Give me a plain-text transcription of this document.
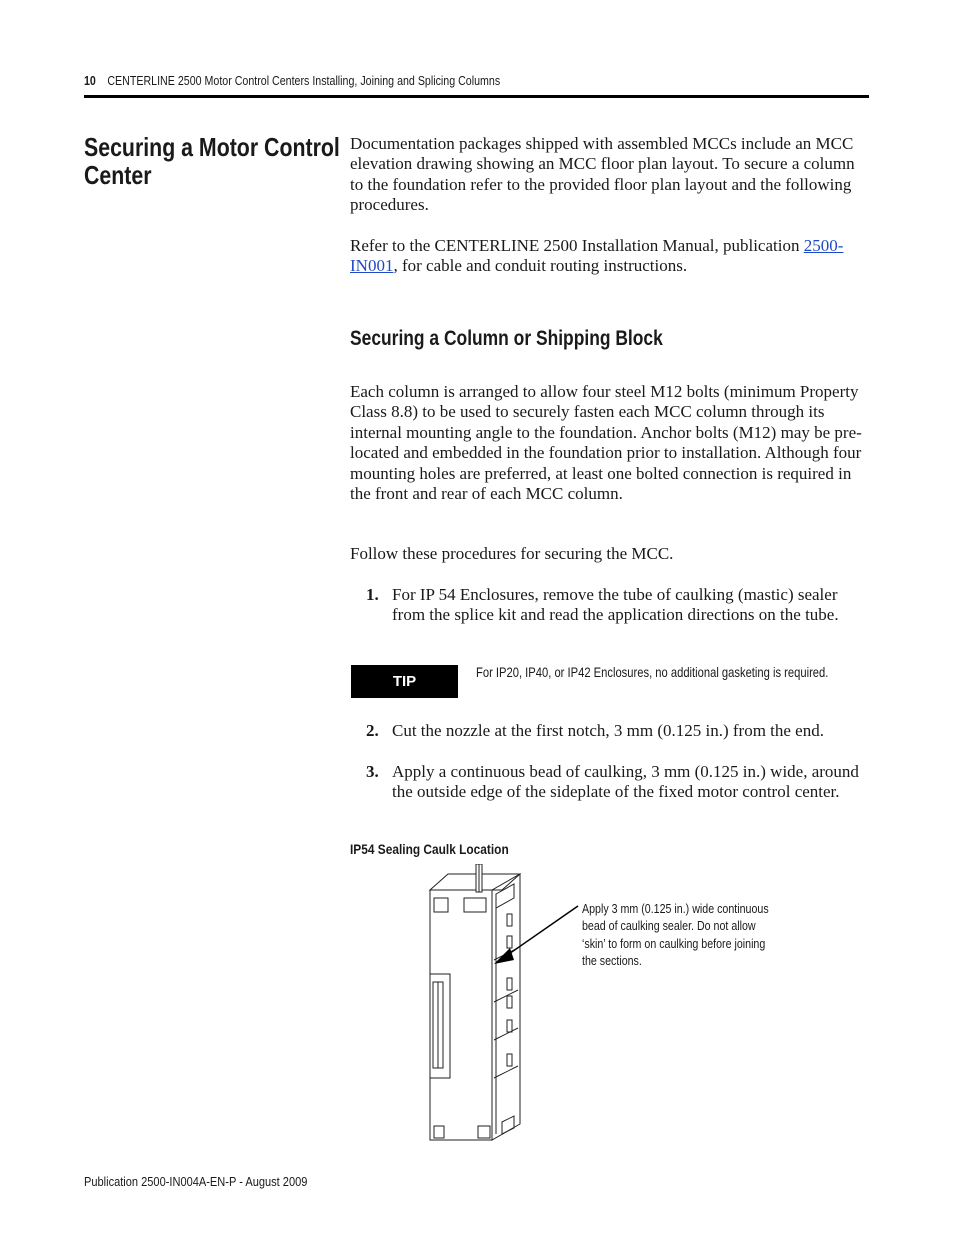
10 CENTERLINE 2500 Motor Control Centers Installing, Joining and Splicing Columns
Securing a Motor Control Center
Documentation packages shipped with assembled MCCs include an MCC elevation drawing showing an MCC floor plan layout. To secure a column to the foundation refer to the provided floor plan layout and the following procedures.
Refer to the CENTERLINE 2500 Installation Manual, publication 2500-IN001, for cable and conduit routing instructions.
Securing a Column or Shipping Block
Each column is arranged to allow four steel M12 bolts (minimum Property Class 8.8) to be used to securely fasten each MCC column through its internal mounting angle to the foundation. Anchor bolts (M12) may be pre-located and embedded in the foundation prior to installation. Although four mounting holes are preferred, at least one bolted connection is required in the front and rear of each MCC column.
Follow these procedures for securing the MCC.
1. For IP 54 Enclosures, remove the tube of caulking (mastic) sealer from the splice kit and read the application directions on the tube.
TIP
For IP20, IP40, or IP42 Enclosures, no additional gasketing is required.
2. Cut the nozzle at the first notch, 3 mm (0.125 in.) from the end.
3. Apply a continuous bead of caulking, 3 mm (0.125 in.) wide, around the outside edge of the sideplate of the fixed motor control center.
IP54 Sealing Caulk Location
Apply 3 mm (0.125 in.) wide continuous bead of caulking sealer. Do not allow ‘skin’ to form on caulking before joining the sections.
Publication 2500-IN004A-EN-P - August 2009
